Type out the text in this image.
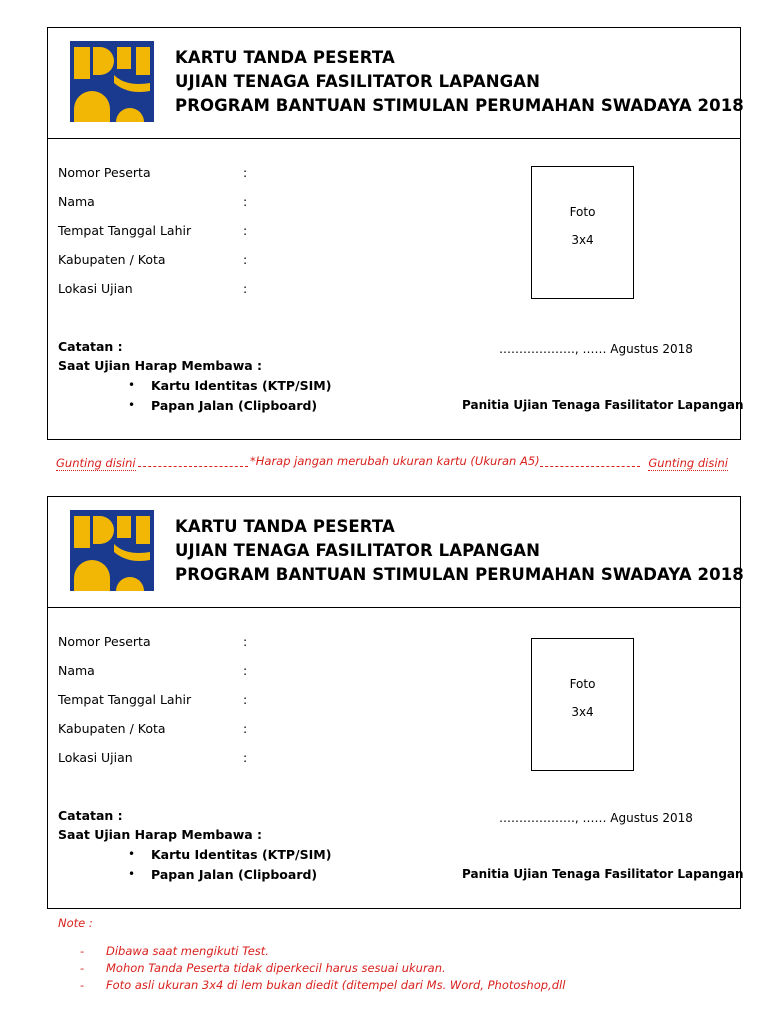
KARTU TANDA PESERTA
UJIAN TENAGA FASILITATOR LAPANGAN
PROGRAM BANTUAN STIMULAN PERUMAHAN SWADAYA 2018
Nomor Peserta	:
Nama	:
Tempat Tanggal Lahir	:
Kabupaten / Kota	:
Lokasi Ujian	:
Foto
3x4
Catatan :
Saat Ujian Harap Membawa :
• Kartu Identitas (KTP/SIM)
• Papan Jalan (Clipboard)
………………., …… Agustus 2018
Panitia Ujian Tenaga Fasilitator Lapangan
Gunting disini	*Harap jangan merubah ukuran kartu (Ukuran A5)	Gunting disini
KARTU TANDA PESERTA
UJIAN TENAGA FASILITATOR LAPANGAN
PROGRAM BANTUAN STIMULAN PERUMAHAN SWADAYA 2018
Nomor Peserta	:
Nama	:
Tempat Tanggal Lahir	:
Kabupaten / Kota	:
Lokasi Ujian	:
Foto
3x4
Catatan :
Saat Ujian Harap Membawa :
• Kartu Identitas (KTP/SIM)
• Papan Jalan (Clipboard)
………………., …… Agustus 2018
Panitia Ujian Tenaga Fasilitator Lapangan
Note :
- Dibawa saat mengikuti Test.
- Mohon Tanda Peserta tidak diperkecil harus sesuai ukuran.
- Foto asli ukuran 3x4 di lem bukan diedit (ditempel dari Ms. Word, Photoshop,dll
